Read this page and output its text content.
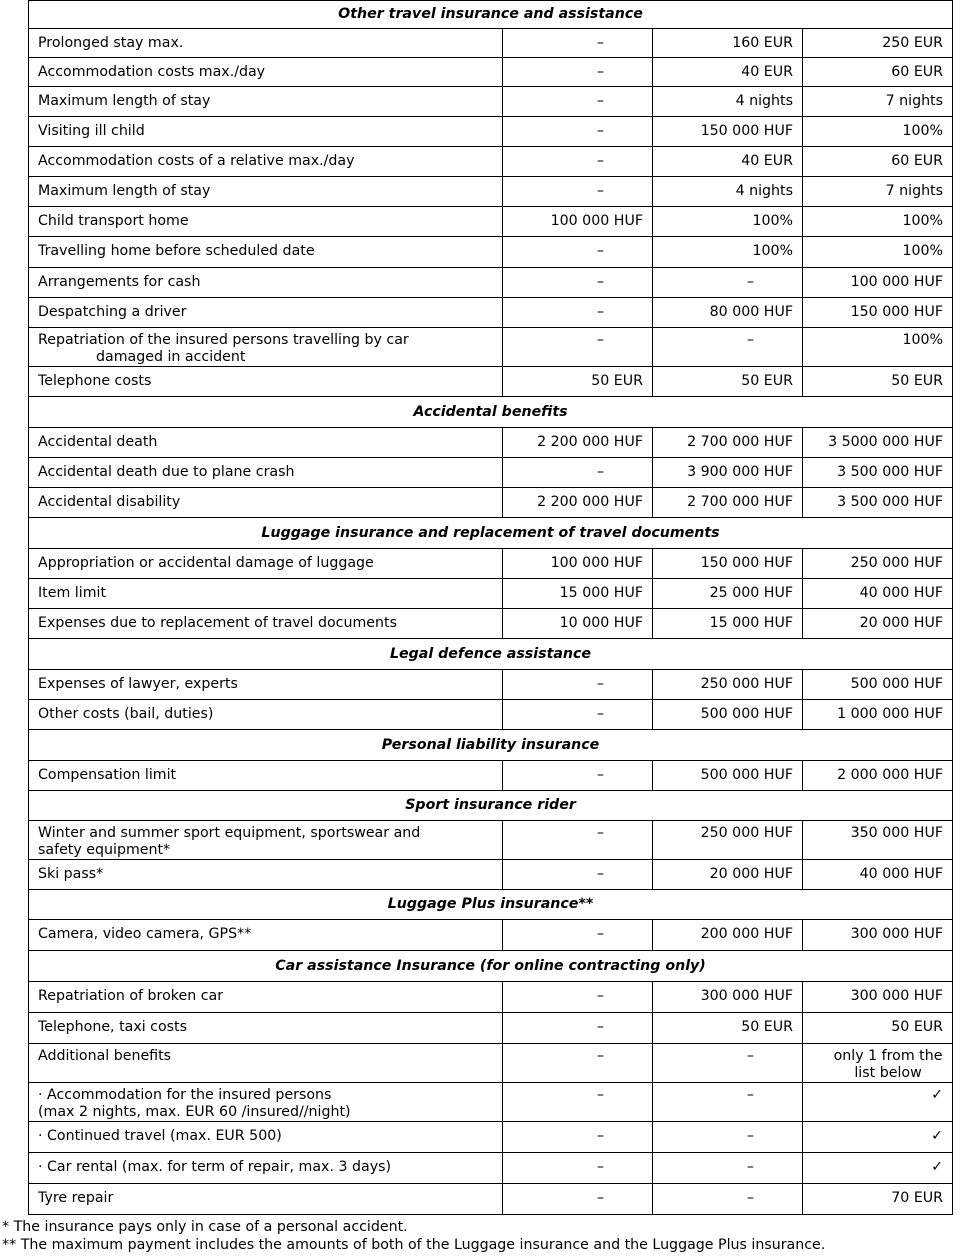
Other travel insurance and assistance			

Prolonged stay max.	–	160 EUR	250 EUR

Accommodation costs max./day	–	40 EUR	60 EUR

Maximum length of stay	–	4 nights	7 nights

Visiting ill child	–	150 000 HUF	100%

Accommodation costs of a relative max./day	–	40 EUR	60 EUR

Maximum length of stay	–	4 nights	7 nights

Child transport home	100 000 HUF	100%	100%

Travelling home before scheduled date	–	100%	100%

Arrangements for cash	–	–	100 000 HUF

Despatching a driver	–	80 000 HUF	150 000 HUF

Repatriation of the insured persons travelling by car
damaged in accident	–	–	100%

Telephone costs	50 EUR	50 EUR	50 EUR
Accidental benefits			

Accidental death	2 200 000 HUF	2 700 000 HUF	3 5000 000 HUF

Accidental death due to plane crash	–	3 900 000 HUF	3 500 000 HUF

Accidental disability	2 200 000 HUF	2 700 000 HUF	3 500 000 HUF
Luggage insurance and replacement of travel documents			

Appropriation or accidental damage of luggage	100 000 HUF	150 000 HUF	250 000 HUF

Item limit	15 000 HUF	25 000 HUF	40 000 HUF

Expenses due to replacement of travel documents	10 000 HUF	15 000 HUF	20 000 HUF
Legal defence assistance			

Expenses of lawyer, experts	–	250 000 HUF	500 000 HUF

Other costs (bail, duties)	–	500 000 HUF	1 000 000 HUF
Personal liability insurance			

Compensation limit	–	500 000 HUF	2 000 000 HUF
Sport insurance rider			

Winter and summer sport equipment, sportswear and
safety equipment*	–	250 000 HUF	350 000 HUF

Ski pass*	–	20 000 HUF	40 000 HUF
Luggage Plus insurance**			

Camera, video camera, GPS**	–	200 000 HUF	300 000 HUF
Car assistance Insurance (for online contracting only)			

Repatriation of broken car	–	300 000 HUF	300 000 HUF

Telephone, taxi costs	–	50 EUR	50 EUR

Additional benefits	–	–	only 1 from the
list below

· Accommodation for the insured persons
(max 2 nights, max. EUR 60 /insured//night)	–	–	✓

· Continued travel (max. EUR 500)	–	–	✓

· Car rental (max. for term of repair, max. 3 days)	–	–	✓

Tyre repair	–	–	70 EUR
* The insurance pays only in case of a personal accident.
** The maximum payment includes the amounts of both of the Luggage insurance and the Luggage Plus insurance.
